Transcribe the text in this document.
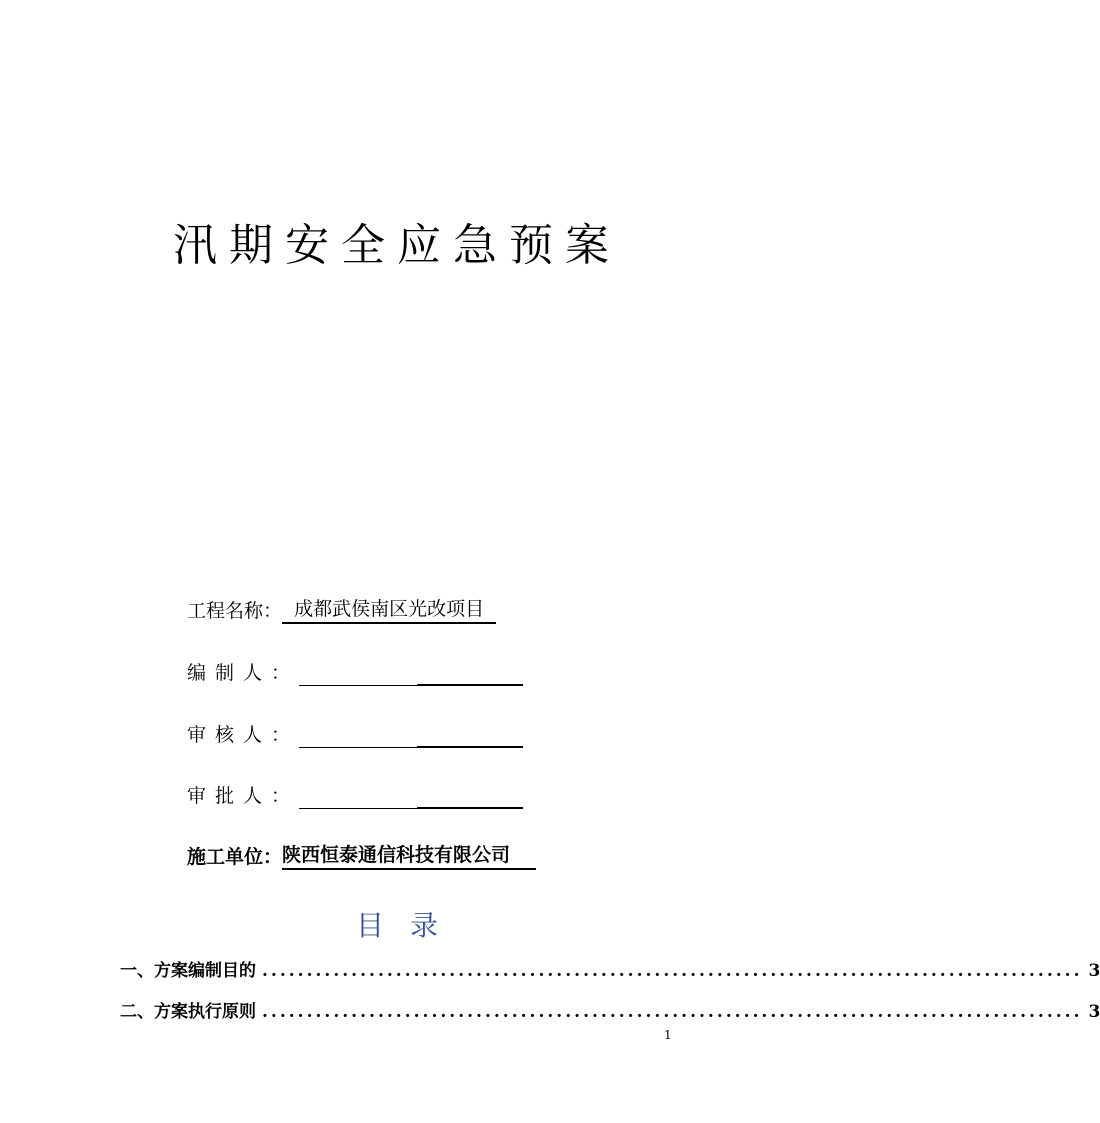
汛期安全应急预案
工程名称： 成都武侯南区光改项目
编制人：
审核人：
审批人：
施工单位： 陕西恒泰通信科技有限公司
目录
一、方案编制目的 ............................................................................................ 3
二、方案执行原则 ............................................................................................ 3
1
